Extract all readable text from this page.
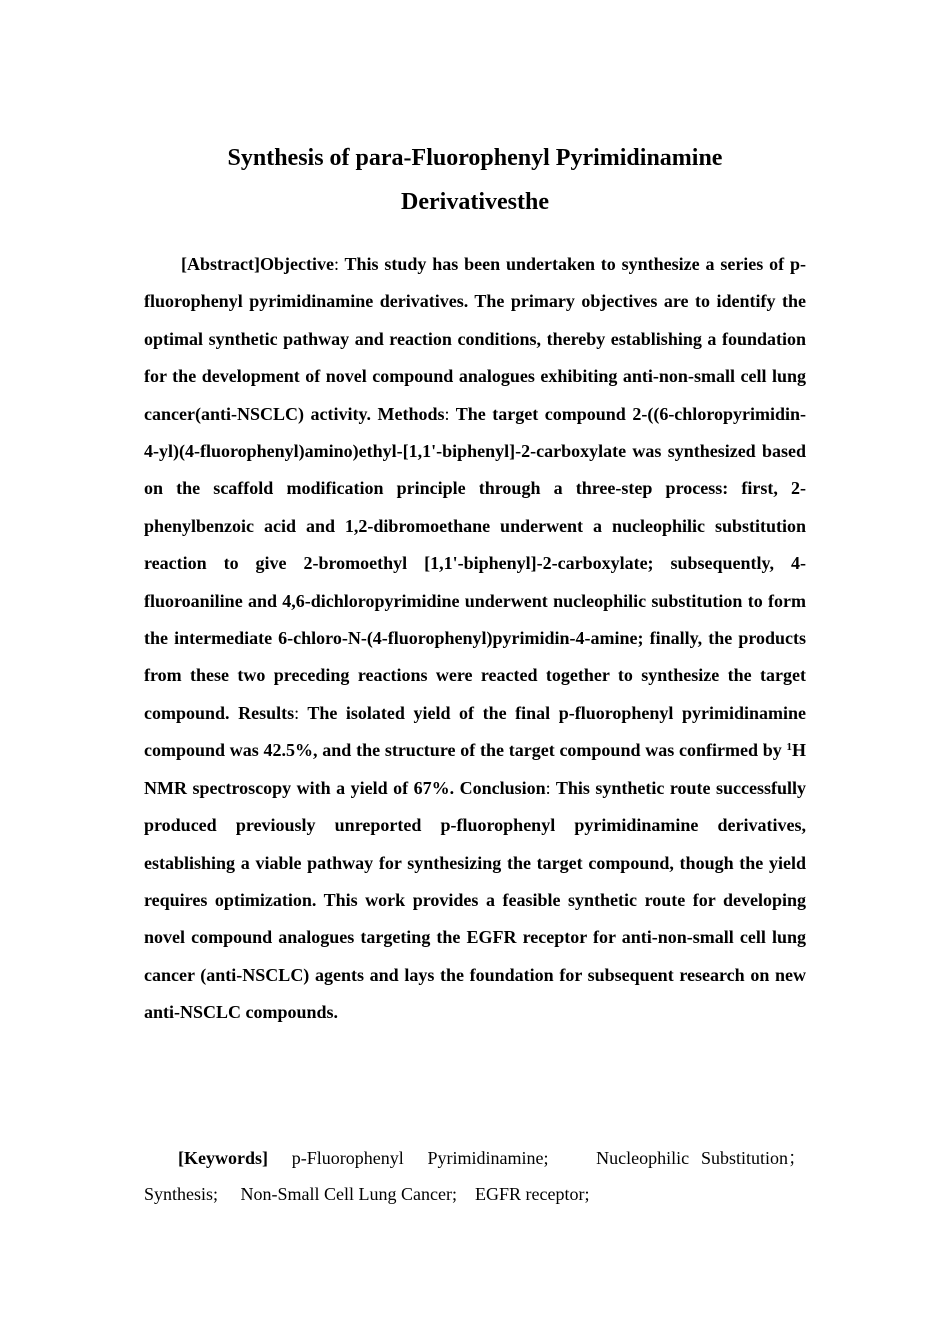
Synthesis of para-Fluorophenyl Pyrimidinamine
Derivativesthe
[Abstract]Objective: This study has been undertaken to synthesize a series of p-fluorophenyl pyrimidinamine derivatives. The primary objectives are to identify the optimal synthetic pathway and reaction conditions, thereby establishing a foundation for the development of novel compound analogues exhibiting anti-non-small cell lung cancer(anti-NSCLC) activity. Methods: The target compound 2-((6-chloropyrimidin-4-yl)(4-fluorophenyl)amino)ethyl-[1,1'-biphenyl]-2-carboxylate was synthesized based on the scaffold modification principle through a three-step process: first, 2-phenylbenzoic acid and 1,2-dibromoethane underwent a nucleophilic substitution reaction to give 2-bromoethyl [1,1'-biphenyl]-2-carboxylate; subsequently, 4-fluoroaniline and 4,6-dichloropyrimidine underwent nucleophilic substitution to form the intermediate 6-chloro-N-(4-fluorophenyl)pyrimidin-4-amine; finally, the products from these two preceding reactions were reacted together to synthesize the target compound. Results: The isolated yield of the final p-fluorophenyl pyrimidinamine compound was 42.5%, and the structure of the target compound was confirmed by $^1$H NMR spectroscopy with a yield of 67%. Conclusion: This synthetic route successfully produced previously unreported p-fluorophenyl pyrimidinamine derivatives, establishing a viable pathway for synthesizing the target compound, though the yield requires optimization. This work provides a feasible synthetic route for developing novel compound analogues targeting the EGFR receptor for anti-non-small cell lung cancer (anti-NSCLC) agents and lays the foundation for subsequent research on new anti-NSCLC compounds.
[Keywords]  p-Fluorophenyl  Pyrimidinamine;    Nucleophilic Substitution；Synthesis;     Non-Small Cell Lung Cancer;    EGFR receptor;
